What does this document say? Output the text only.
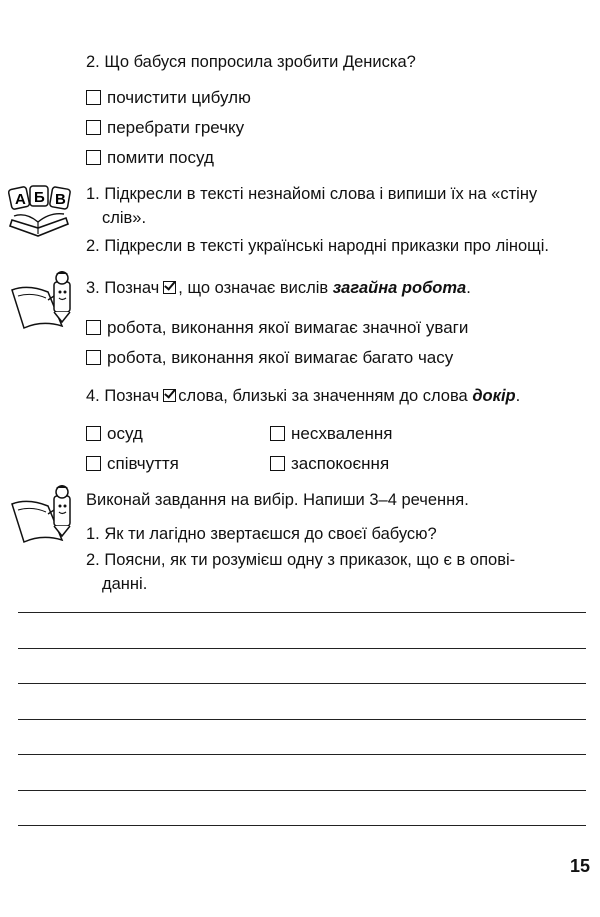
2. Що бабуся попросила зробити Дениска?
почистити цибулю
перебрати гречку
помити посуд
А Б В 1. Підкресли в тексті незнайомі слова і випиши їх на «стіну
слів».
2. Підкресли в тексті українські народні приказки про лінощі.
3. Познач , що означає вислів загайна робота.
робота, виконання якої вимагає значної уваги
робота, виконання якої вимагає багато часу
4. Познач слова, близькі за значенням до слова докір.
осуд
співчуття
несхвалення
заспокоєння
Виконай завдання на вибір. Напиши 3–4 речення.
1. Як ти лагідно звертаєшся до своєї бабусю?
2. Поясни, як ти розумієш одну з приказок, що є в опові-
данні.
15
